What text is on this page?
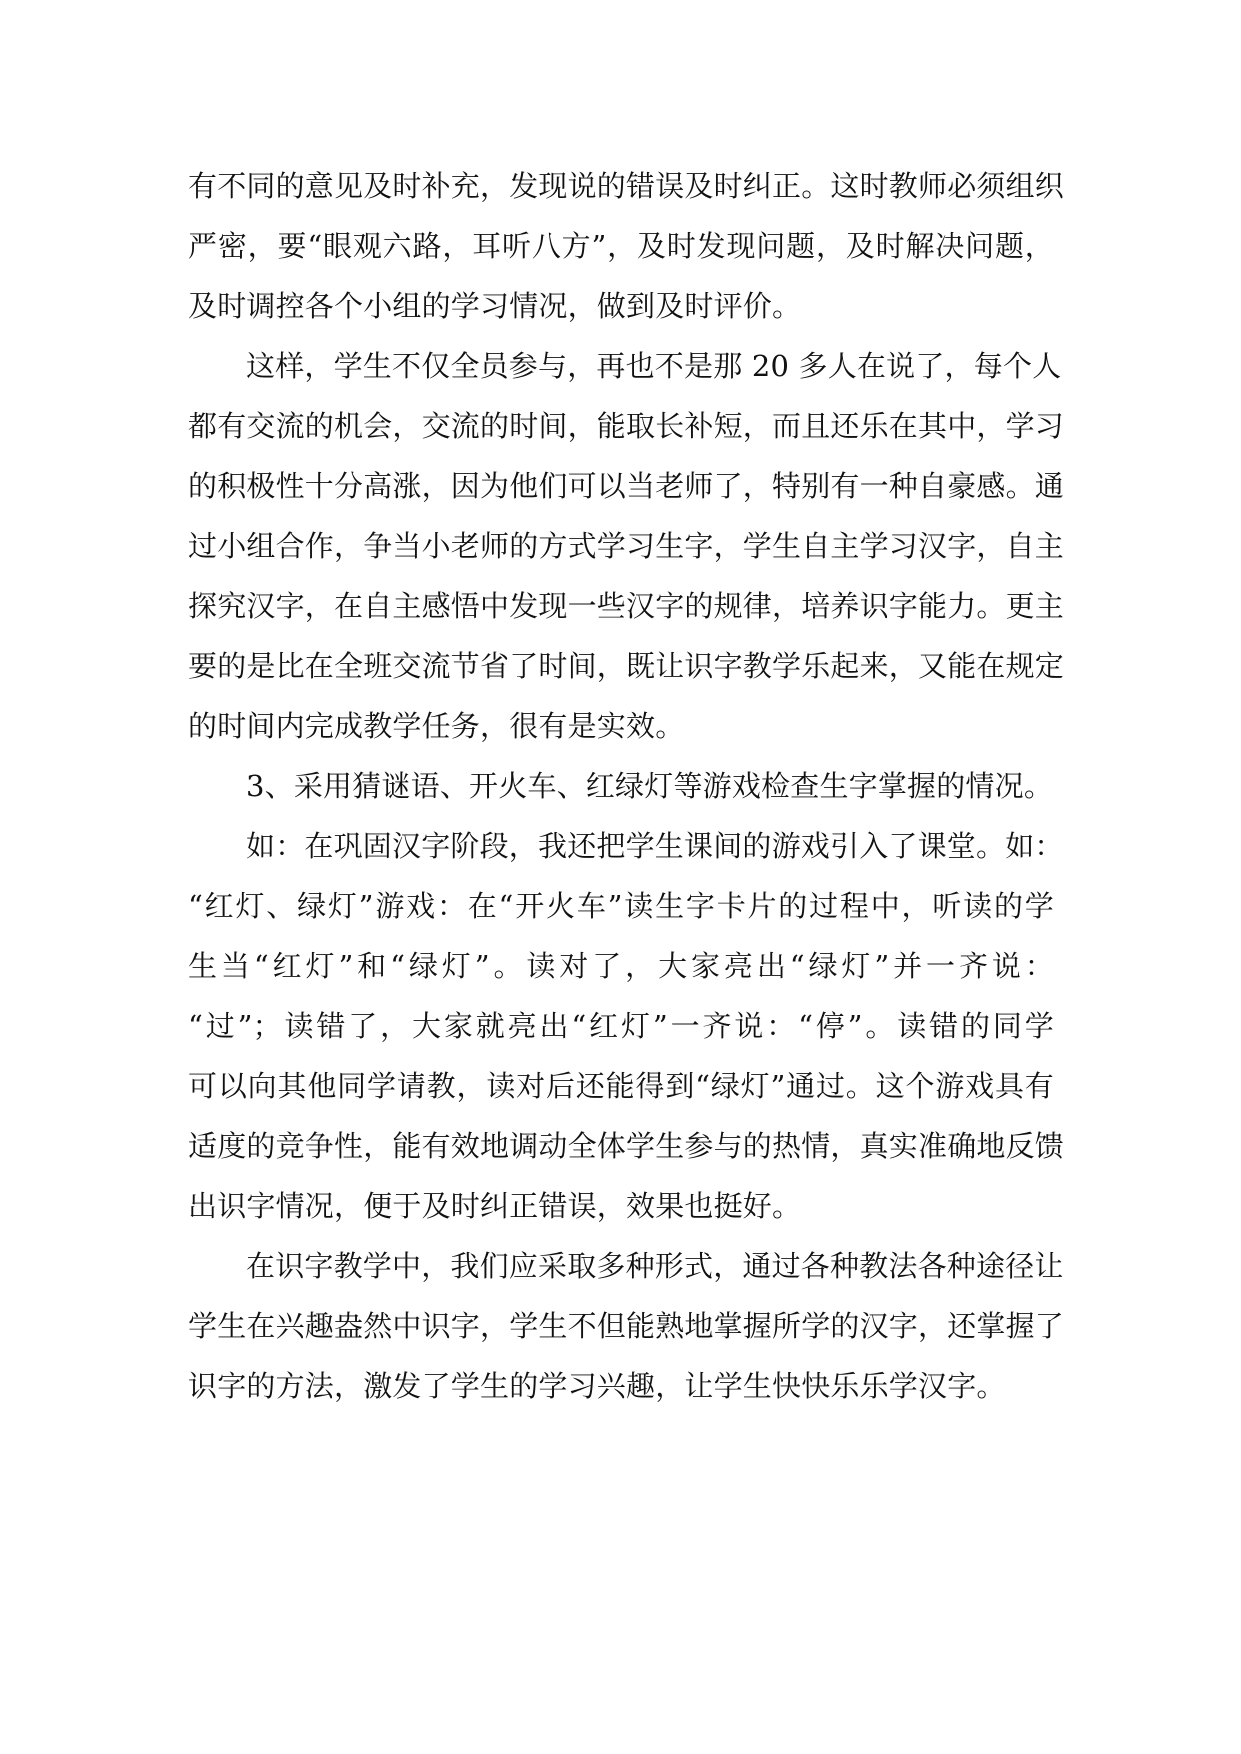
有不同的意见及时补充，发现说的错误及时纠正。这时教师必须组织
严密，要“眼观六路，耳听八方”，及时发现问题，及时解决问题，
及时调控各个小组的学习情况，做到及时评价。
这样，学生不仅全员参与，再也不是那 20 多人在说了，每个人
都有交流的机会，交流的时间，能取长补短，而且还乐在其中，学习
的积极性十分高涨，因为他们可以当老师了，特别有一种自豪感。通
过小组合作，争当小老师的方式学习生字，学生自主学习汉字，自主
探究汉字，在自主感悟中发现一些汉字的规律，培养识字能力。更主
要的是比在全班交流节省了时间，既让识字教学乐起来，又能在规定
的时间内完成教学任务，很有是实效。
3、采用猜谜语、开火车、红绿灯等游戏检查生字掌握的情况。
如：在巩固汉字阶段，我还把学生课间的游戏引入了课堂。如：
“红灯、绿灯”游戏：在“开火车”读生字卡片的过程中，听读的学
生当“红灯”和“绿灯”。读对了，大家亮出“绿灯”并一齐说：
“过”；读错了，大家就亮出“红灯”一齐说：“停”。读错的同学
可以向其他同学请教，读对后还能得到“绿灯”通过。这个游戏具有
适度的竞争性，能有效地调动全体学生参与的热情，真实准确地反馈
出识字情况，便于及时纠正错误，效果也挺好。
在识字教学中，我们应采取多种形式，通过各种教法各种途径让
学生在兴趣盎然中识字，学生不但能熟地掌握所学的汉字，还掌握了
识字的方法，激发了学生的学习兴趣，让学生快快乐乐学汉字。
